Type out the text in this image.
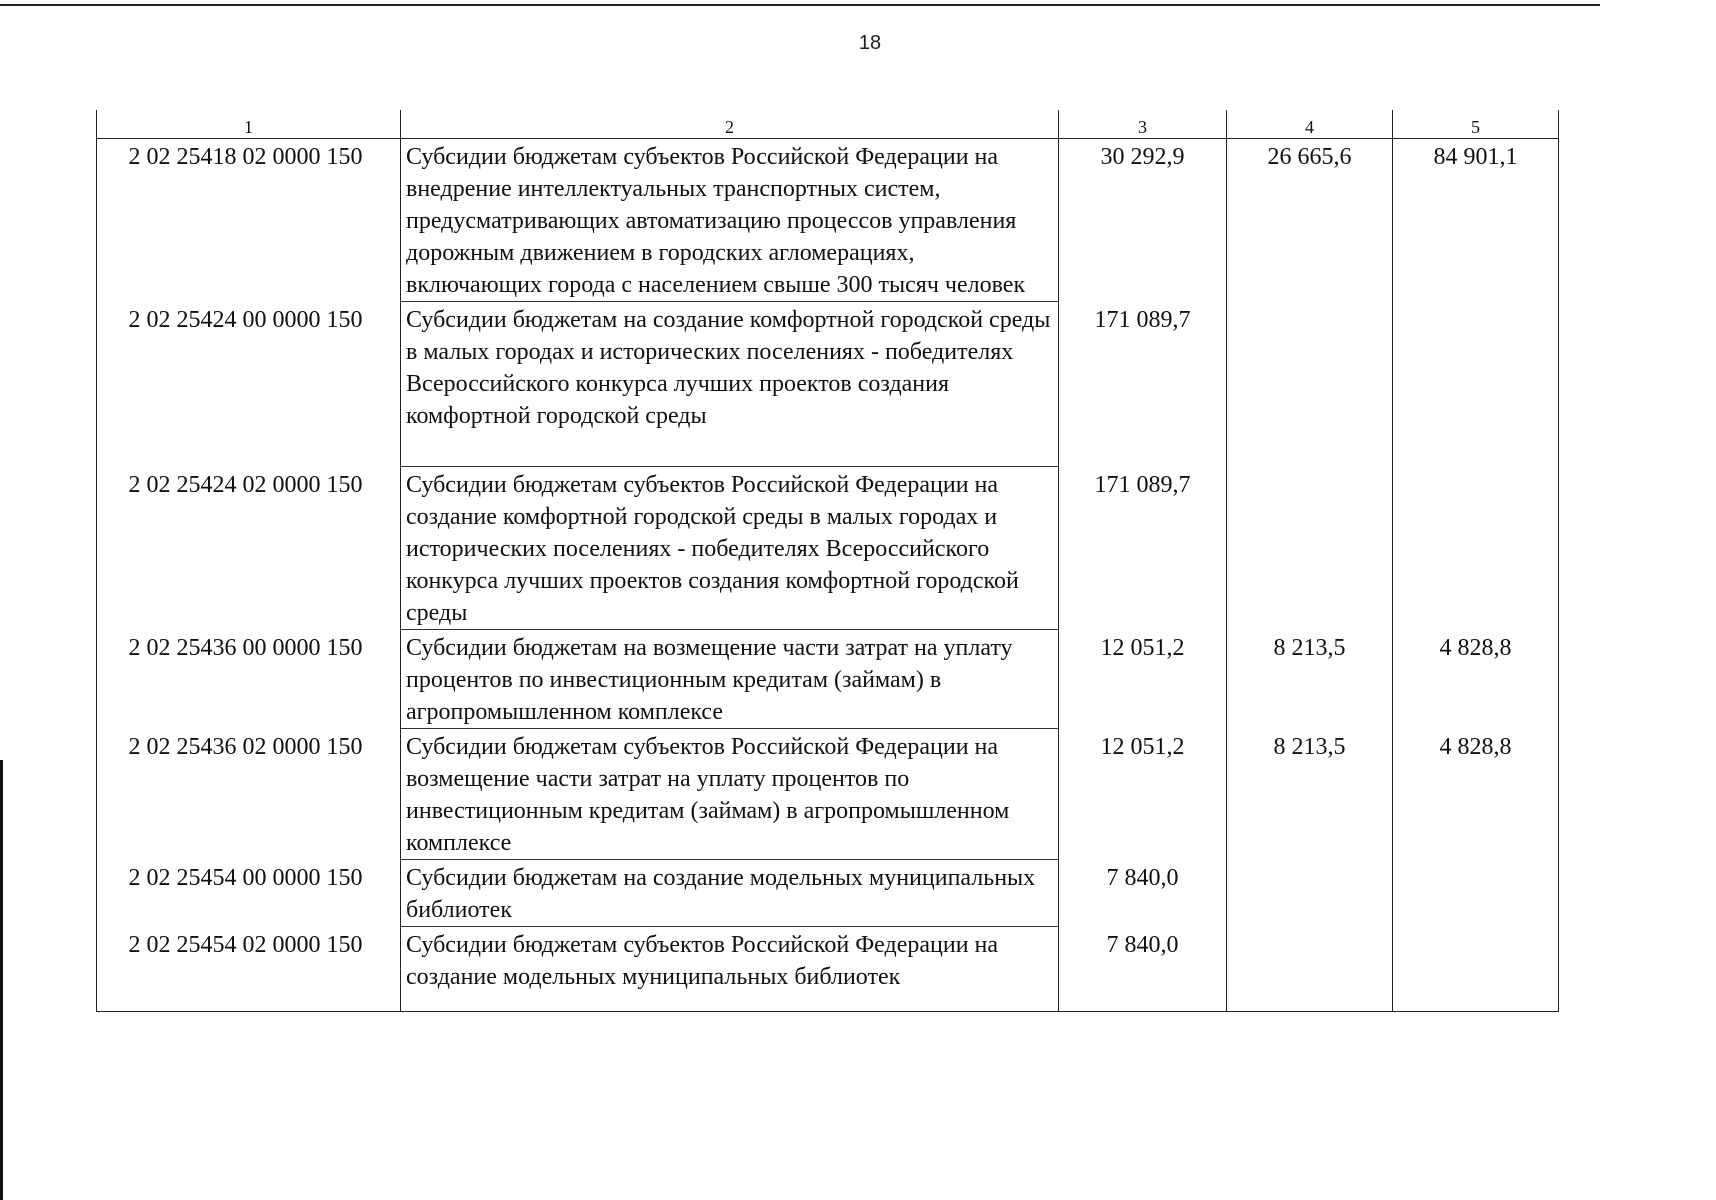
18
1	2	3	4	5
2 02 25418 02 0000 150	Субсидии бюджетам субъектов Российской Федерации на внедрение интеллектуальных транспортных систем, предусматривающих автоматизацию процессов управления дорожным движением в городских агломерациях, включающих города с населением свыше 300 тысяч человек	30 292,9	26 665,6	84 901,1
2 02 25424 00 0000 150	Субсидии бюджетам на создание комфортной городской среды в малых городах и исторических поселениях - победителях Всероссийского конкурса лучших проектов создания комфортной городской среды	171 089,7		
2 02 25424 02 0000 150	Субсидии бюджетам субъектов Российской Федерации на создание комфортной городской среды в малых городах и исторических поселениях - победителях Всероссийского конкурса лучших проектов создания комфортной городской среды	171 089,7		
2 02 25436 00 0000 150	Субсидии бюджетам на возмещение части затрат на уплату процентов по инвестиционным кредитам (займам) в агропромышленном комплексе	12 051,2	8 213,5	4 828,8
2 02 25436 02 0000 150	Субсидии бюджетам субъектов Российской Федерации на возмещение части затрат на уплату процентов по инвестиционным кредитам (займам) в агропромышленном комплексе	12 051,2	8 213,5	4 828,8
2 02 25454 00 0000 150	Субсидии бюджетам на создание модельных муниципальных библиотек	7 840,0		
2 02 25454 02 0000 150	Субсидии бюджетам субъектов Российской Федерации на создание модельных муниципальных библиотек	7 840,0		
